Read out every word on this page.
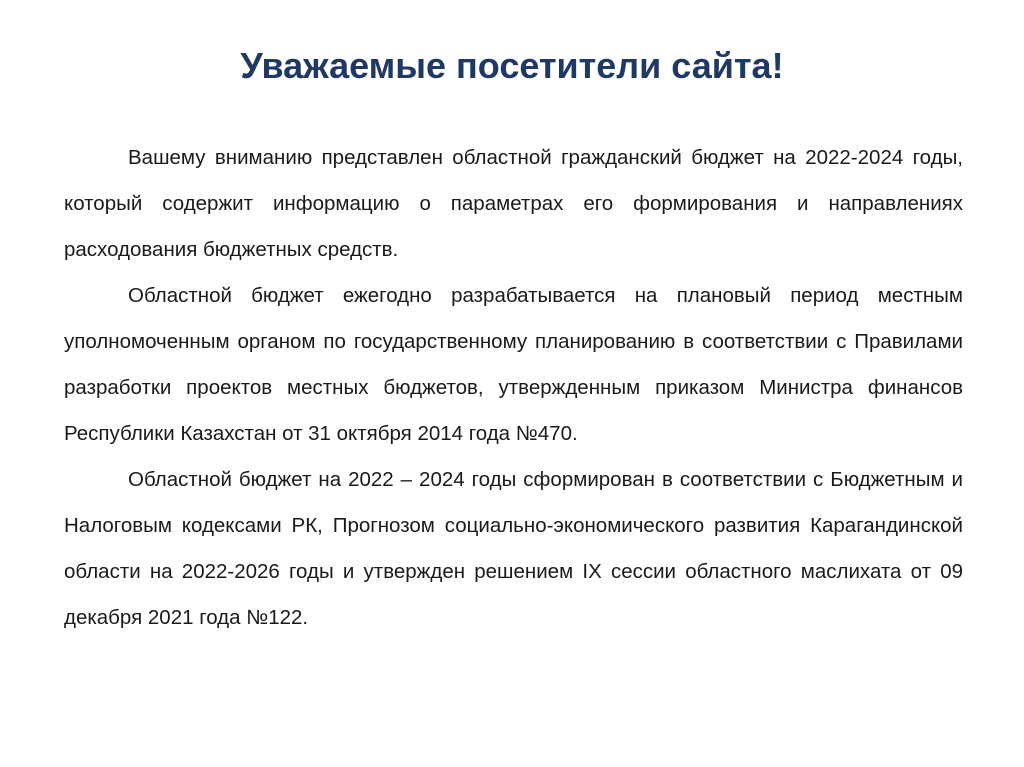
Уважаемые посетители сайта!

Вашему вниманию представлен областной гражданский бюджет на 2022-2024 годы, который содержит информацию о параметрах его формирования и направлениях расходования бюджетных средств.

Областной бюджет ежегодно разрабатывается на плановый период местным уполномоченным органом по государственному планированию в соответствии с Правилами разработки проектов местных бюджетов, утвержденным приказом Министра финансов Республики Казахстан от 31 октября 2014 года №470.

Областной бюджет на 2022 – 2024 годы сформирован в соответствии с Бюджетным и Налоговым кодексами РК, Прогнозом социально-экономического развития Карагандинской области на 2022-2026 годы и утвержден решением IX сессии областного маслихата от 09 декабря 2021 года №122.
